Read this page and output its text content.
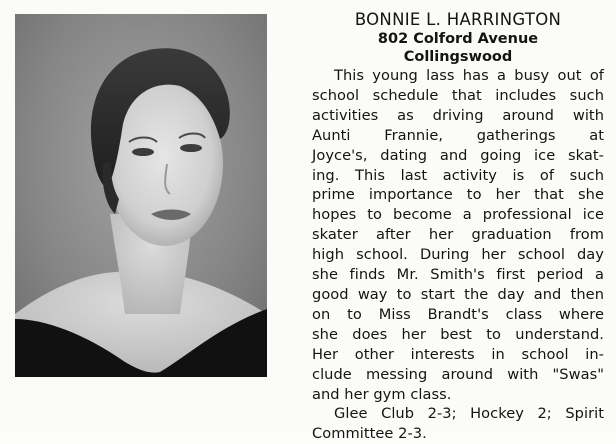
BONNIE L. HARRINGTON

802 Colford Avenue

Collingswood

This young lass has a busy out of
school schedule that includes such
activities as driving around with
Aunti Frannie, gatherings at
Joyce's, dating and going ice skat-
ing. This last activity is of such
prime importance to her that she
hopes to become a professional ice
skater after her graduation from
high school. During her school day
she finds Mr. Smith's first period a
good way to start the day and then
on to Miss Brandt's class where
she does her best to understand.
Her other interests in school in-
clude messing around with "Swas"
and her gym class.
Glee Club 2-3; Hockey 2; Spirit
Committee 2-3.
